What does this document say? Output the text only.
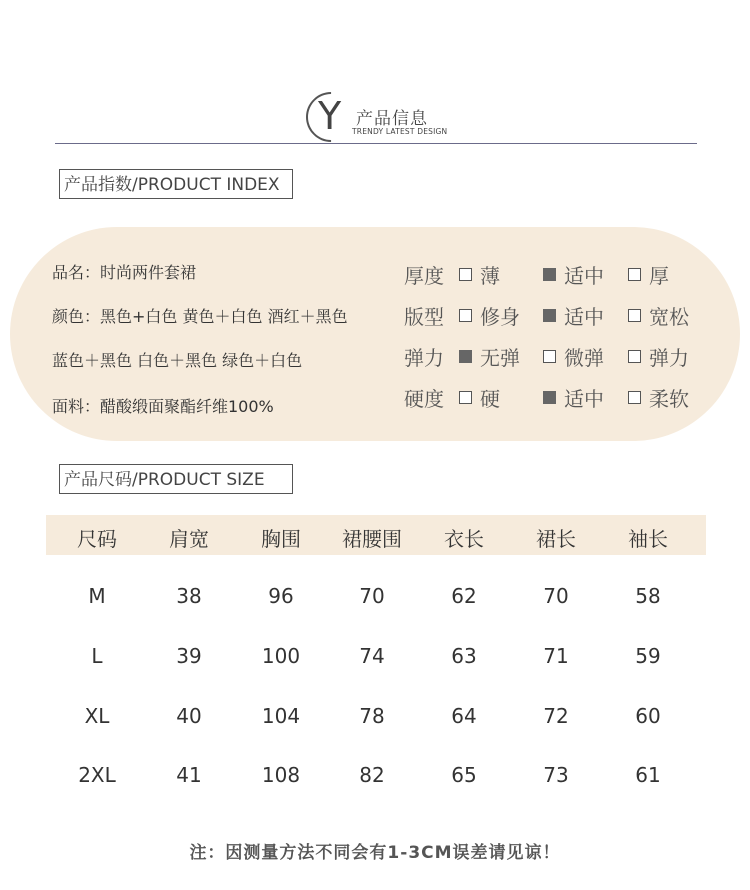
Y 产品信息
TRENDY LATEST DESIGN
产品指数/PRODUCT INDEX
品名：时尚两件套裙
颜色：黑色+白色 黄色＋白色 酒红＋黑色
蓝色＋黑色 白色＋黑色 绿色＋白色
面料：醋酸缎面聚酯纤维100%
厚度 薄	适中 厚
版型 修身 适中 宽松
弹力 无弹 微弹 弹力
硬度 硬	适中 柔软
产品尺码/PRODUCT SIZE
尺码	肩宽	胸围	裙腰围	衣长	裙长	袖长
M	38	96	70	62	70	58
L	39	100	74	63	71	59
XL	40	104	78	64	72	60
2XL	41	108	82	65	73	61
注：因测量方法不同会有1-3CM误差请见谅！
